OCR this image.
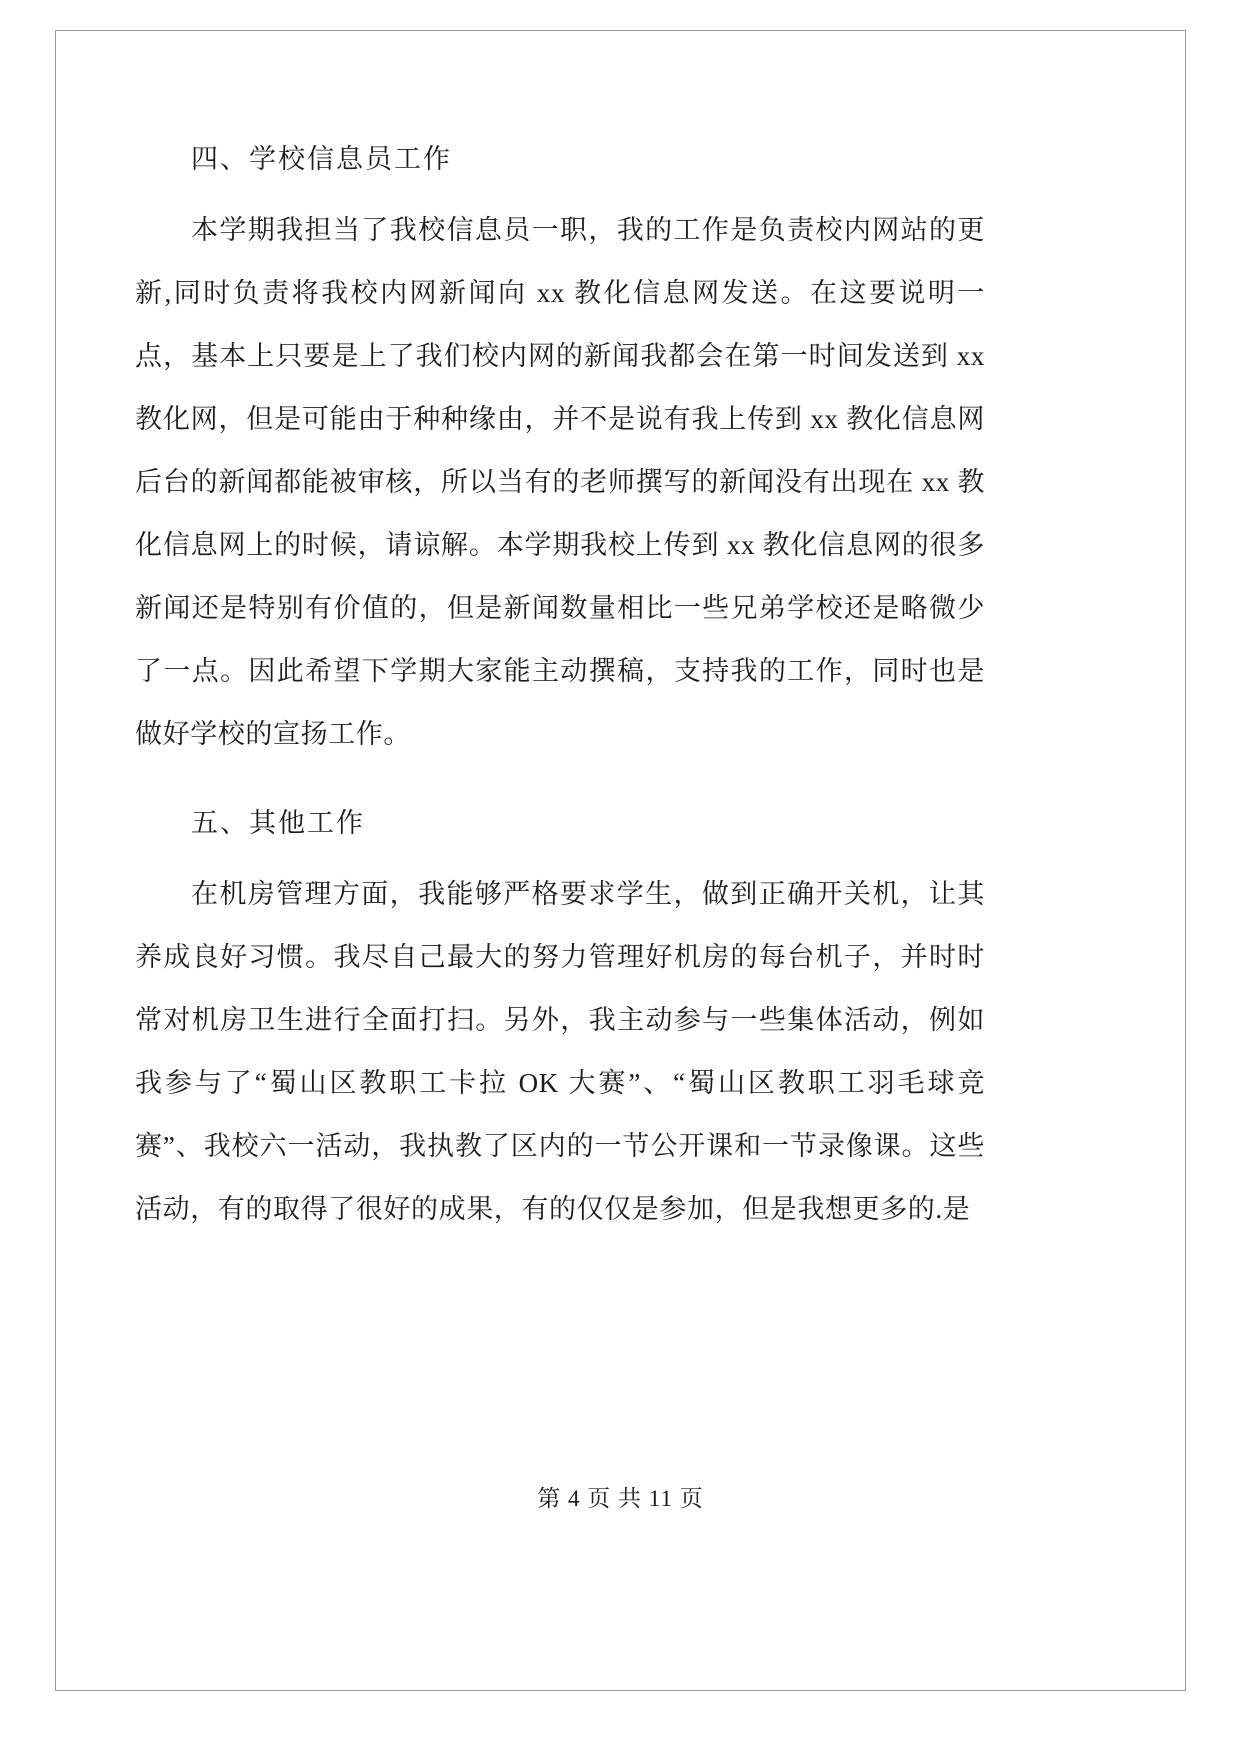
四、学校信息员工作

本学期我担当了我校信息员一职，我的工作是负责校内网站的更新,同时负责将我校内网新闻向 xx 教化信息网发送。在这要说明一点，基本上只要是上了我们校内网的新闻我都会在第一时间发送到 xx 教化网，但是可能由于种种缘由，并不是说有我上传到 xx 教化信息网后台的新闻都能被审核，所以当有的老师撰写的新闻没有出现在 xx 教化信息网上的时候，请谅解。本学期我校上传到 xx 教化信息网的很多新闻还是特别有价值的，但是新闻数量相比一些兄弟学校还是略微少了一点。因此希望下学期大家能主动撰稿，支持我的工作，同时也是做好学校的宣扬工作。

五、其他工作

在机房管理方面，我能够严格要求学生，做到正确开关机，让其养成良好习惯。我尽自己最大的努力管理好机房的每台机子，并时时常对机房卫生进行全面打扫。另外，我主动参与一些集体活动，例如我参与了“蜀山区教职工卡拉 OK 大赛”、“蜀山区教职工羽毛球竞赛”、我校六一活动，我执教了区内的一节公开课和一节录像课。这些活动，有的取得了很好的成果，有的仅仅是参加，但是我想更多的.是

第 4 页 共 11 页
